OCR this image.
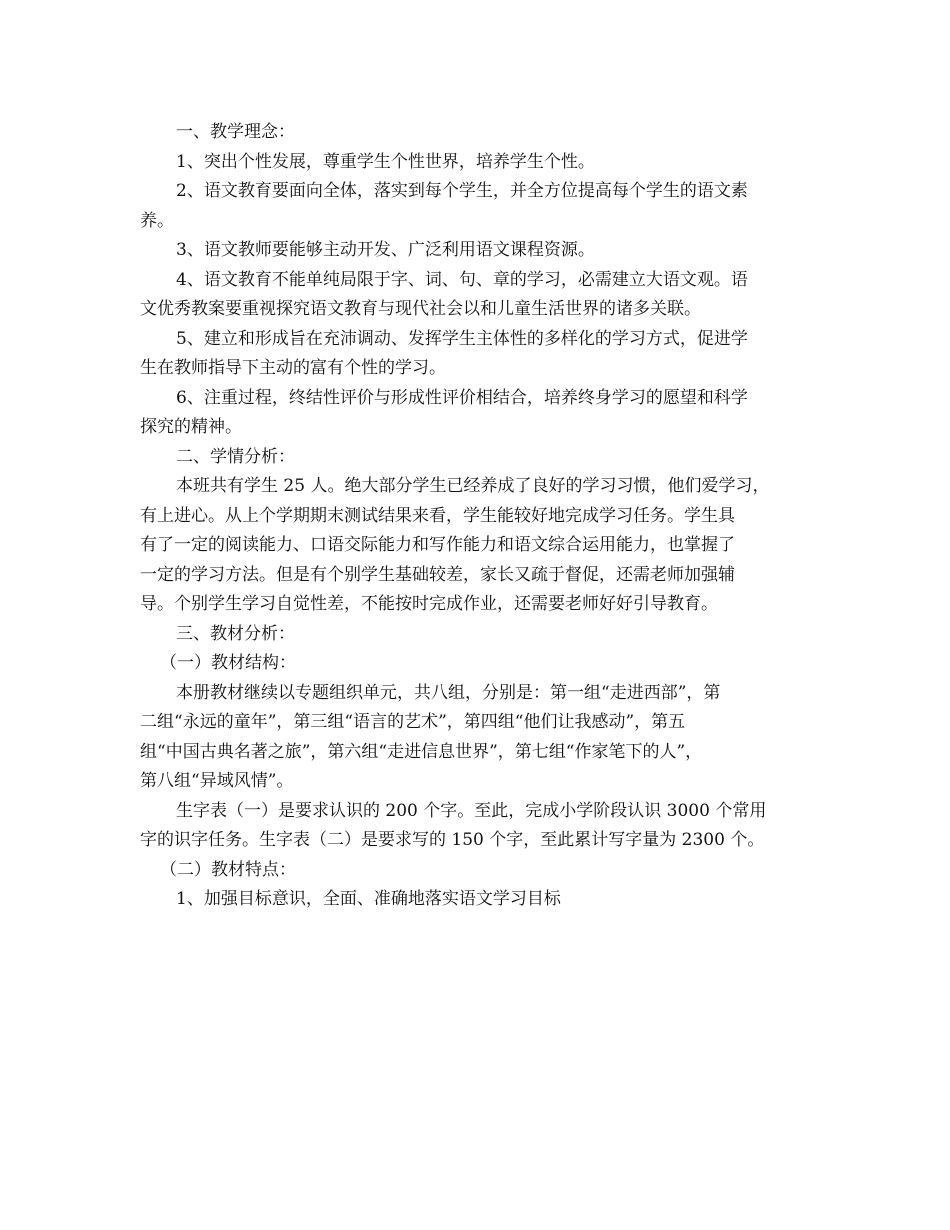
一、教学理念：
1、突出个性发展，尊重学生个性世界，培养学生个性。
2、语文教育要面向全体，落实到每个学生，并全方位提高每个学生的语文素
养。
3、语文教师要能够主动开发、广泛利用语文课程资源。
4、语文教育不能单纯局限于字、词、句、章的学习，必需建立大语文观。语
文优秀教案要重视探究语文教育与现代社会以和儿童生活世界的诸多关联。
5、建立和形成旨在充沛调动、发挥学生主体性的多样化的学习方式，促进学
生在教师指导下主动的富有个性的学习。
6、注重过程，终结性评价与形成性评价相结合，培养终身学习的愿望和科学
探究的精神。
二、学情分析：
本班共有学生 25 人。绝大部分学生已经养成了良好的学习习惯，他们爱学习，
有上进心。从上个学期期末测试结果来看，学生能较好地完成学习任务。学生具
有了一定的阅读能力、口语交际能力和写作能力和语文综合运用能力，也掌握了
一定的学习方法。但是有个别学生基础较差，家长又疏于督促，还需老师加强辅
导。个别学生学习自觉性差，不能按时完成作业，还需要老师好好引导教育。
三、教材分析：
（一）教材结构：
本册教材继续以专题组织单元，共八组，分别是：第一组“走进西部”，第
二组“永远的童年”，第三组“语言的艺术”，第四组“他们让我感动”，第五
组“中国古典名著之旅”，第六组“走进信息世界”，第七组“作家笔下的人”，
第八组“异域风情”。
生字表（一）是要求认识的 200 个字。至此，完成小学阶段认识 3000 个常用
字的识字任务。生字表（二）是要求写的 150 个字，至此累计写字量为 2300 个。
（二）教材特点：
1、加强目标意识，全面、准确地落实语文学习目标
